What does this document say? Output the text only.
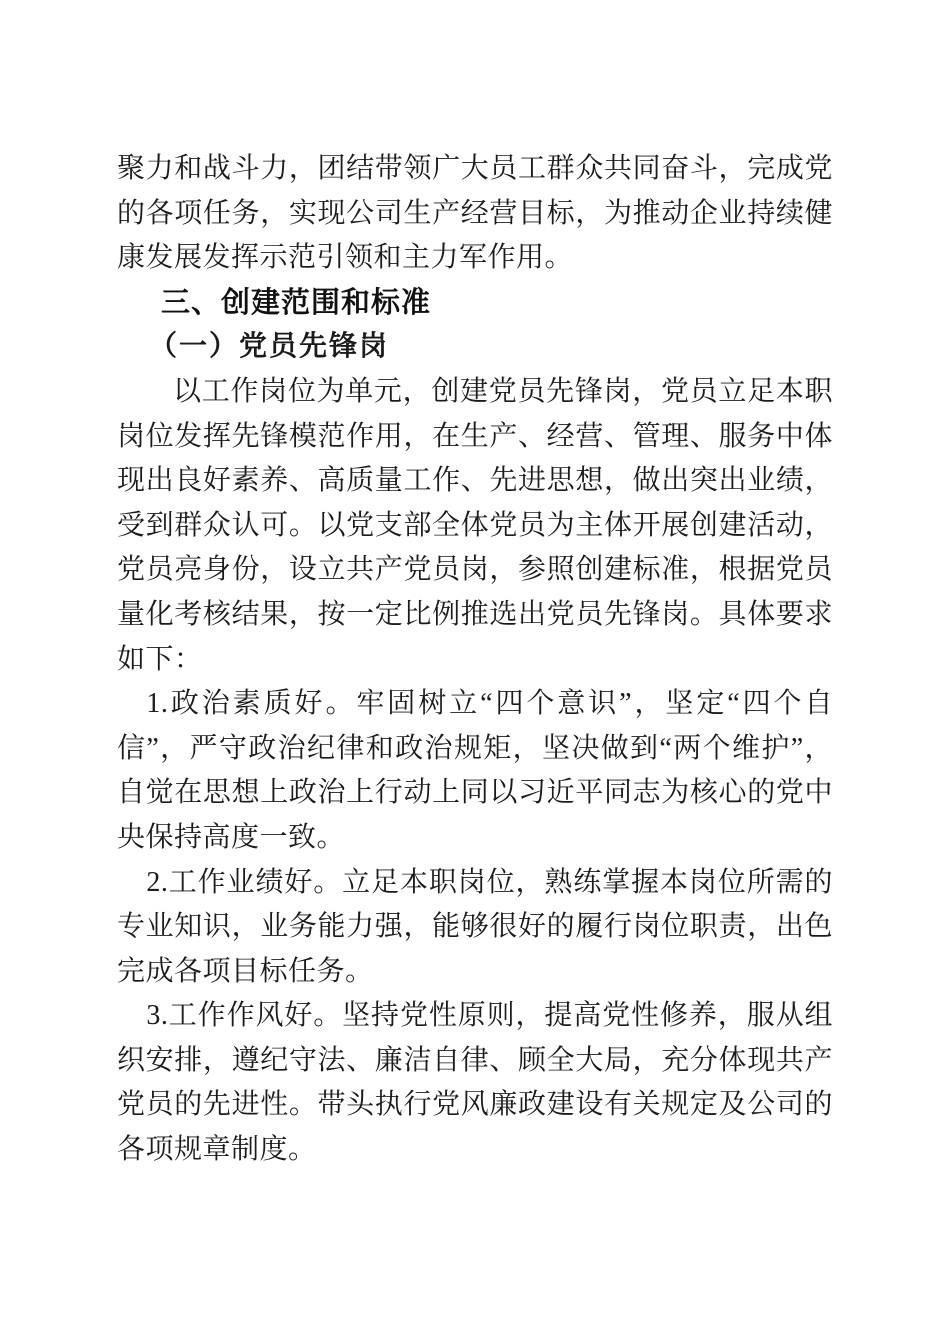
聚力和战斗力，团结带领广大员工群众共同奋斗，完成党的各项任务，实现公司生产经营目标，为推动企业持续健康发展发挥示范引领和主力军作用。

三、创建范围和标准
（一）党员先锋岗

以工作岗位为单元，创建党员先锋岗，党员立足本职岗位发挥先锋模范作用，在生产、经营、管理、服务中体现出良好素养、高质量工作、先进思想，做出突出业绩，受到群众认可。以党支部全体党员为主体开展创建活动，党员亮身份，设立共产党员岗，参照创建标准，根据党员量化考核结果，按一定比例推选出党员先锋岗。具体要求如下：

1.政治素质好。牢固树立“四个意识”，坚定“四个自信”，严守政治纪律和政治规矩，坚决做到“两个维护”，自觉在思想上政治上行动上同以习近平同志为核心的党中央保持高度一致。

2.工作业绩好。立足本职岗位，熟练掌握本岗位所需的专业知识，业务能力强，能够很好的履行岗位职责，出色完成各项目标任务。

3.工作作风好。坚持党性原则，提高党性修养，服从组织安排，遵纪守法、廉洁自律、顾全大局，充分体现共产党员的先进性。带头执行党风廉政建设有关规定及公司的各项规章制度。
